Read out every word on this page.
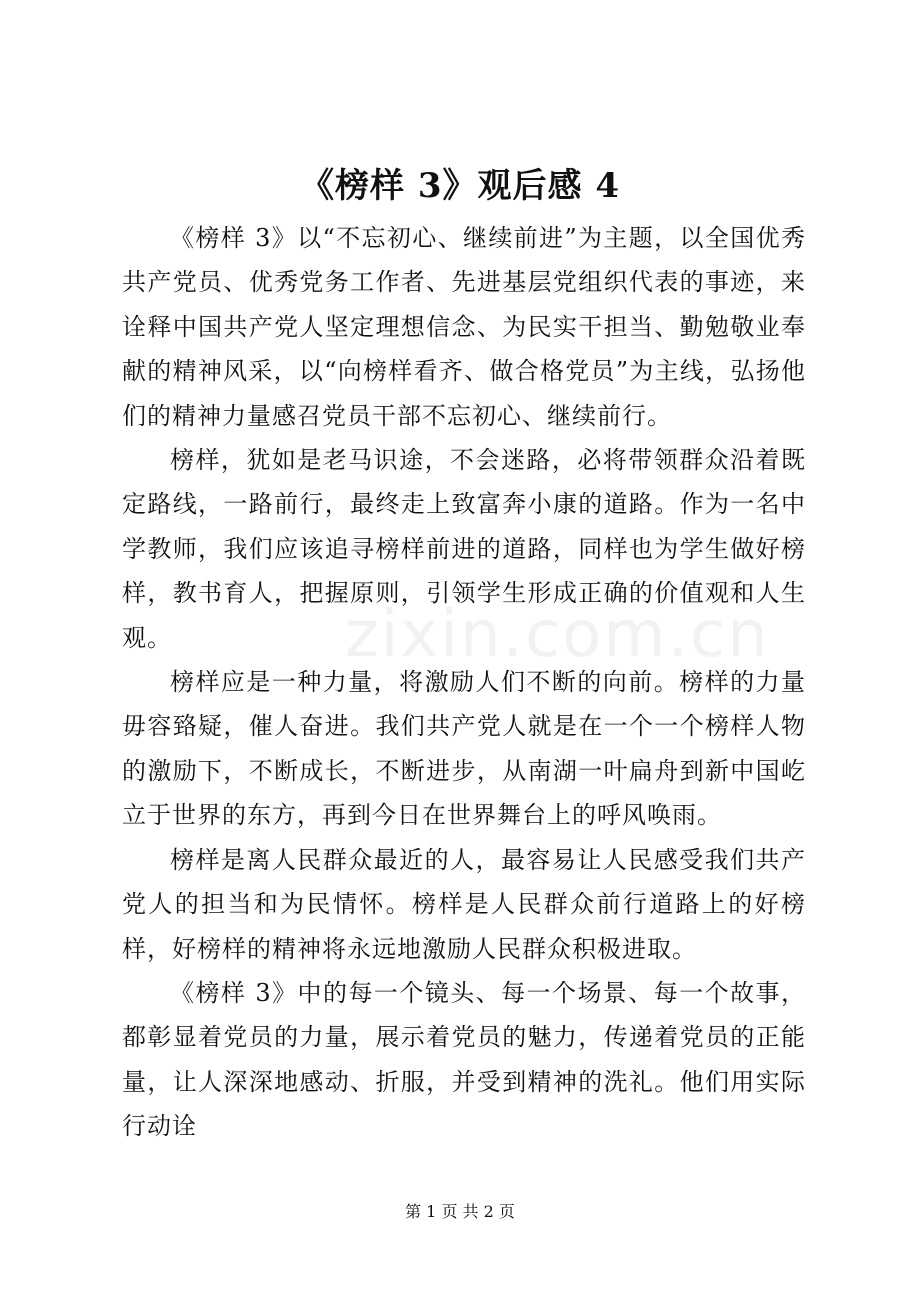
《榜样 3》观后感 4

《榜样 3》以“不忘初心、继续前进”为主题，以全国优秀共产党员、优秀党务工作者、先进基层党组织代表的事迹，来诠释中国共产党人坚定理想信念、为民实干担当、勤勉敬业奉献的精神风采，以“向榜样看齐、做合格党员”为主线，弘扬他们的精神力量感召党员干部不忘初心、继续前行。

榜样，犹如是老马识途，不会迷路，必将带领群众沿着既定路线，一路前行，最终走上致富奔小康的道路。作为一名中学教师，我们应该追寻榜样前进的道路，同样也为学生做好榜样，教书育人，把握原则，引领学生形成正确的价值观和人生观。

榜样应是一种力量，将激励人们不断的向前。榜样的力量毋容臵疑，催人奋进。我们共产党人就是在一个一个榜样人物的激励下，不断成长，不断进步，从南湖一叶扁舟到新中国屹立于世界的东方，再到今日在世界舞台上的呼风唤雨。

榜样是离人民群众最近的人，最容易让人民感受我们共产党人的担当和为民情怀。榜样是人民群众前行道路上的好榜样，好榜样的精神将永远地激励人民群众积极进取。

《榜样 3》中的每一个镜头、每一个场景、每一个故事，都彰显着党员的力量，展示着党员的魅力，传递着党员的正能量，让人深深地感动、折服，并受到精神的洗礼。他们用实际行动诠

zixin.com.cn
第 1 页 共 2 页
